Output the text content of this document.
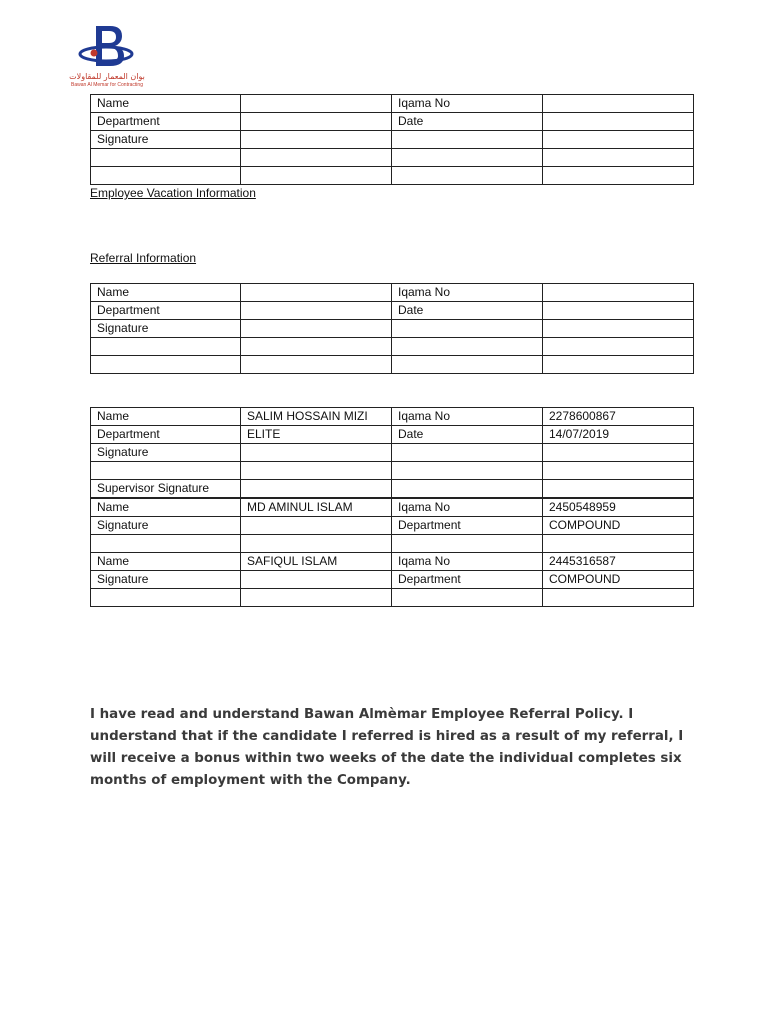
بوان المعمار للمقاولات
Bawan Al Memar for Contracting
Name		Iqama No	
Department		Date	
Signature			

Employee Vacation Information
Referral Information
Name		Iqama No	
Department		Date	
Signature			

Name	SALIM HOSSAIN MIZI	Iqama No	2278600867
Department	ELITE	Date	14/07/2019
Signature			

Supervisor Signature			
Name	MD AMINUL ISLAM	Iqama No	2450548959
Signature		Department	COMPOUND

Name	SAFIQUL ISLAM	Iqama No	2445316587
Signature		Department	COMPOUND

I have read and understand Bawan Almèmar Employee Referral Policy. I understand that if the candidate I referred is hired as a result of my referral, I will receive a bonus within two weeks of the date the individual completes six months of employment with the Company.
